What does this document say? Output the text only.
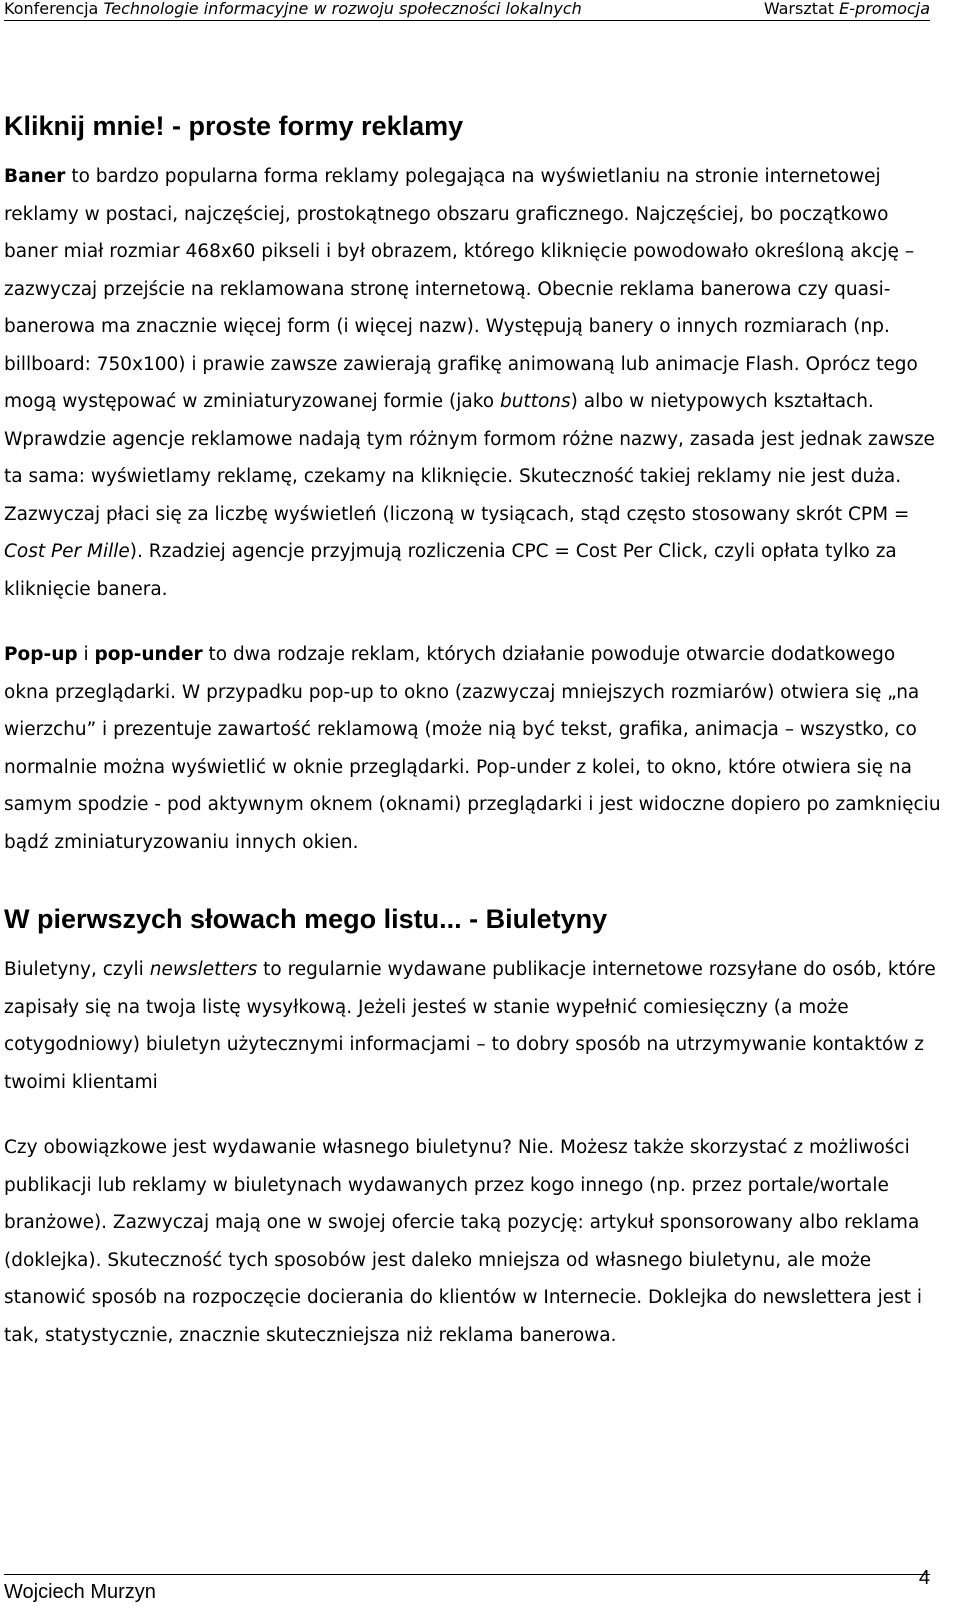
Konferencja Technologie informacyjne w rozwoju społeczności lokalnych	Warsztat E-promocja
Kliknij mnie! - proste formy reklamy

Baner to bardzo popularna forma reklamy polegająca na wyświetlaniu na stronie internetowej reklamy w postaci, najczęściej, prostokątnego obszaru graficznego. Najczęściej, bo początkowo baner miał rozmiar 468x60 pikseli i był obrazem, którego kliknięcie powodowało określoną akcję – zazwyczaj przejście na reklamowana stronę internetową. Obecnie reklama banerowa czy quasi-banerowa ma znacznie więcej form (i więcej nazw). Występują banery o innych rozmiarach (np. billboard: 750x100) i prawie zawsze zawierają grafikę animowaną lub animacje Flash. Oprócz tego mogą występować w zminiaturyzowanej formie (jako buttons) albo w nietypowych kształtach. Wprawdzie agencje reklamowe nadają tym różnym formom różne nazwy, zasada jest jednak zawsze ta sama: wyświetlamy reklamę, czekamy na kliknięcie. Skuteczność takiej reklamy nie jest duża. Zazwyczaj płaci się za liczbę wyświetleń (liczoną w tysiącach, stąd często stosowany skrót CPM = Cost Per Mille). Rzadziej agencje przyjmują rozliczenia CPC = Cost Per Click, czyli opłata tylko za kliknięcie banera.

Pop-up i pop-under to dwa rodzaje reklam, których działanie powoduje otwarcie dodatkowego okna przeglądarki. W przypadku pop-up to okno (zazwyczaj mniejszych rozmiarów) otwiera się „na wierzchu” i prezentuje zawartość reklamową (może nią być tekst, grafika, animacja – wszystko, co normalnie można wyświetlić w oknie przeglądarki. Pop-under z kolei, to okno, które otwiera się na samym spodzie - pod aktywnym oknem (oknami) przeglądarki i jest widoczne dopiero po zamknięciu bądź zminiaturyzowaniu innych okien.

W pierwszych słowach mego listu... - Biuletyny

Biuletyny, czyli newsletters to regularnie wydawane publikacje internetowe rozsyłane do osób, które zapisały się na twoja listę wysyłkową. Jeżeli jesteś w stanie wypełnić comiesięczny (a może cotygodniowy) biuletyn użytecznymi informacjami – to dobry sposób na utrzymywanie kontaktów z twoimi klientami

Czy obowiązkowe jest wydawanie własnego biuletynu? Nie. Możesz także skorzystać z możliwości publikacji lub reklamy w biuletynach wydawanych przez kogo innego (np. przez portale/wortale branżowe). Zazwyczaj mają one w swojej ofercie taką pozycję: artykuł sponsorowany albo reklama (doklejka). Skuteczność tych sposobów jest daleko mniejsza od własnego biuletynu, ale może stanowić sposób na rozpoczęcie docierania do klientów w Internecie. Doklejka do newslettera jest i tak, statystycznie, znacznie skuteczniejsza niż reklama banerowa.

Wojciech Murzyn
4
